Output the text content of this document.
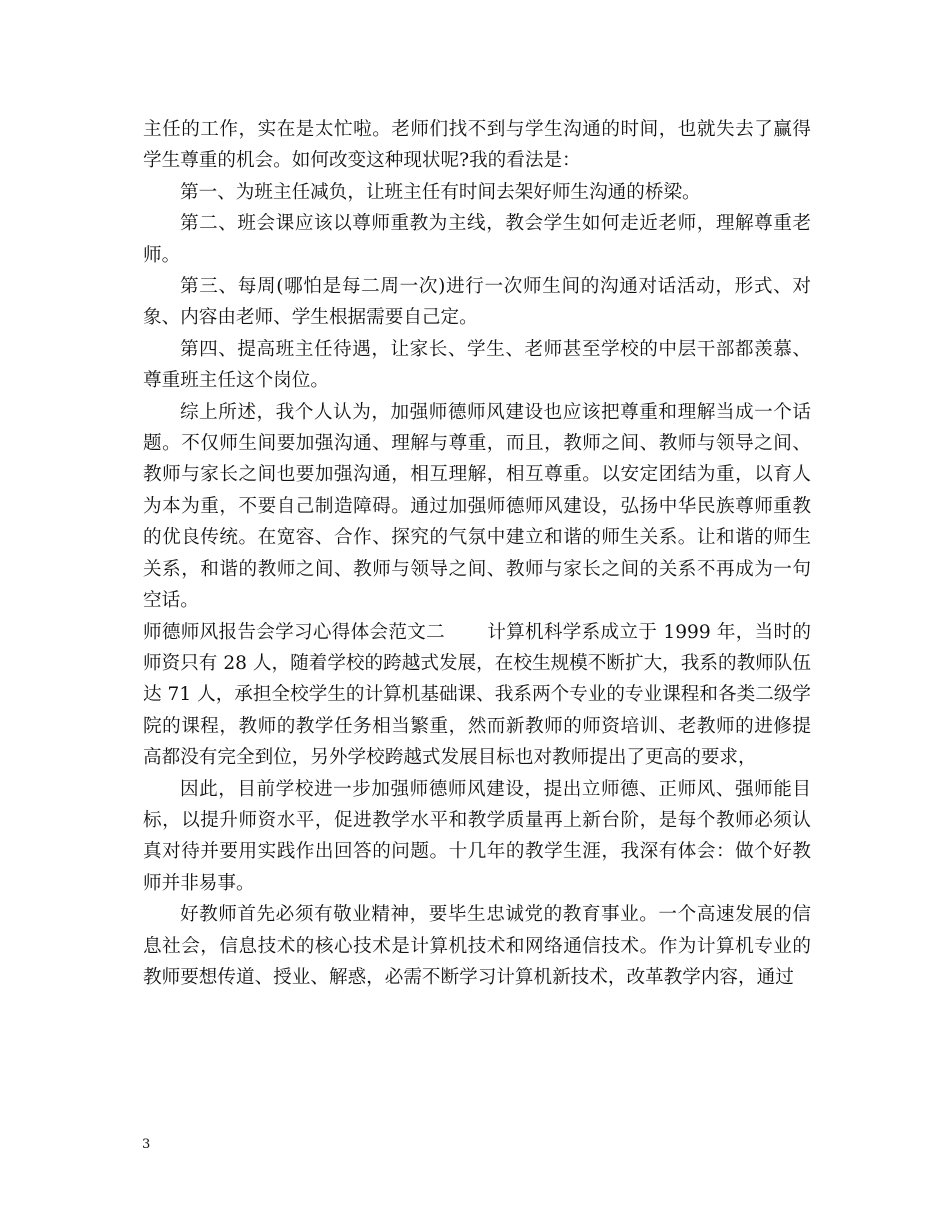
主任的工作，实在是太忙啦。老师们找不到与学生沟通的时间，也就失去了赢得学生尊重的机会。如何改变这种现状呢?我的看法是：

第一、为班主任减负，让班主任有时间去架好师生沟通的桥梁。

第二、班会课应该以尊师重教为主线，教会学生如何走近老师，理解尊重老师。

第三、每周(哪怕是每二周一次)进行一次师生间的沟通对话活动，形式、对象、内容由老师、学生根据需要自己定。

第四、提高班主任待遇，让家长、学生、老师甚至学校的中层干部都羡慕、尊重班主任这个岗位。

综上所述，我个人认为，加强师德师风建设也应该把尊重和理解当成一个话题。不仅师生间要加强沟通、理解与尊重，而且，教师之间、教师与领导之间、教师与家长之间也要加强沟通，相互理解，相互尊重。以安定团结为重，以育人为本为重，不要自己制造障碍。通过加强师德师风建设，弘扬中华民族尊师重教的优良传统。在宽容、合作、探究的气氛中建立和谐的师生关系。让和谐的师生关系，和谐的教师之间、教师与领导之间、教师与家长之间的关系不再成为一句空话。

师德师风报告会学习心得体会范文二 计算机科学系成立于 1999 年，当时的师资只有 28 人，随着学校的跨越式发展，在校生规模不断扩大，我系的教师队伍达 71 人，承担全校学生的计算机基础课、我系两个专业的专业课程和各类二级学院的课程，教师的教学任务相当繁重，然而新教师的师资培训、老教师的进修提高都没有完全到位，另外学校跨越式发展目标也对教师提出了更高的要求，

因此，目前学校进一步加强师德师风建设，提出立师德、正师风、强师能目标，以提升师资水平，促进教学水平和教学质量再上新台阶，是每个教师必须认真对待并要用实践作出回答的问题。十几年的教学生涯，我深有体会：做个好教师并非易事。

好教师首先必须有敬业精神，要毕生忠诚党的教育事业。一个高速发展的信息社会，信息技术的核心技术是计算机技术和网络通信技术。作为计算机专业的教师要想传道、授业、解惑，必需不断学习计算机新技术，改革教学内容，通过

3
